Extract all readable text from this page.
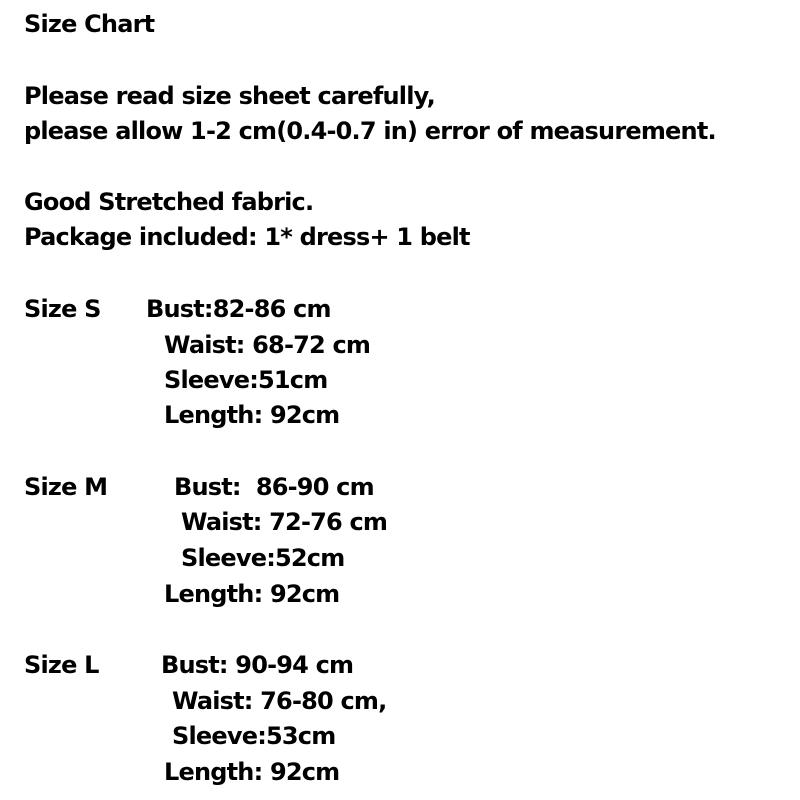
Size Chart
Please read size sheet carefully,
please allow 1-2 cm(0.4-0.7 in) error of measurement.
Good Stretched fabric.
Package included: 1* dress+ 1 belt
Size S Bust:82-86 cm
Waist: 68-72 cm
Sleeve:51cm
Length: 92cm
Size M	Bust:  86-90 cm
Waist: 72-76 cm
Sleeve:52cm
Length: 92cm
Size L	Bust: 90-94 cm
Waist: 76-80 cm,
Sleeve:53cm
Length: 92cm
